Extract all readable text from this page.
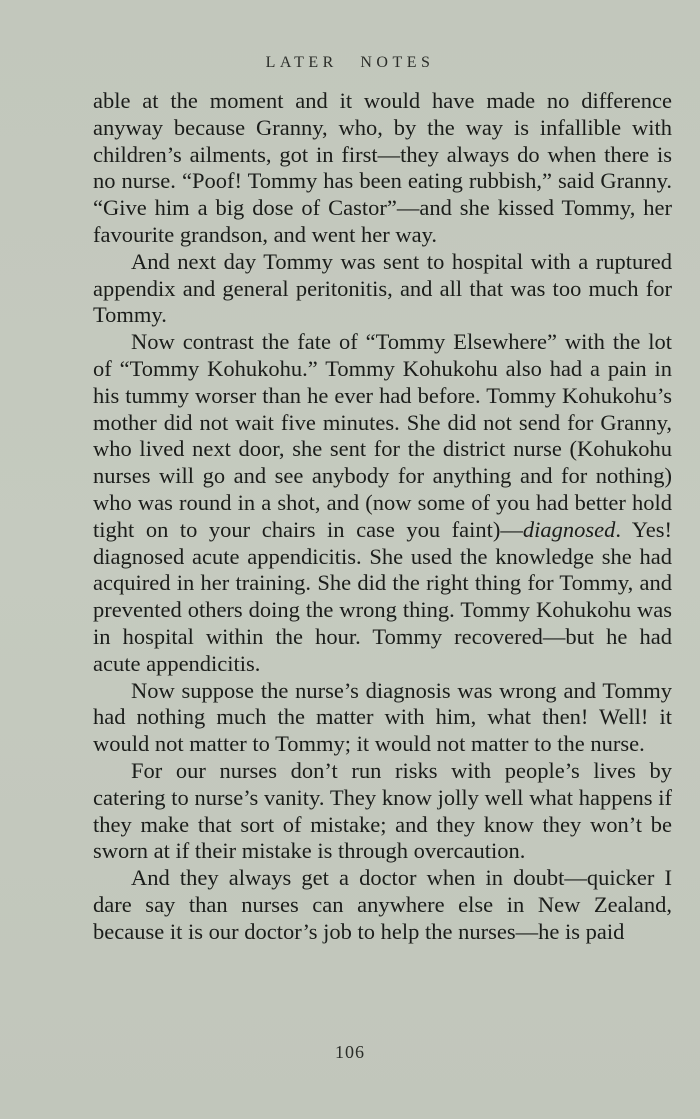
LATER NOTES

able at the moment and it would have made no difference anyway because Granny, who, by the way is infallible with children’s ailments, got in first—they always do when there is no nurse. “Poof! Tommy has been eating rubbish,” said Granny. “Give him a big dose of Castor”—and she kissed Tommy, her favourite grandson, and went her way.

And next day Tommy was sent to hospital with a ruptured appendix and general peritonitis, and all that was too much for Tommy.

Now contrast the fate of “Tommy Elsewhere” with the lot of “Tommy Kohukohu.” Tommy Kohukohu also had a pain in his tummy worser than he ever had before. Tommy Kohukohu’s mother did not wait five minutes. She did not send for Granny, who lived next door, she sent for the district nurse (Kohukohu nurses will go and see anybody for anything and for nothing) who was round in a shot, and (now some of you had better hold tight on to your chairs in case you faint)—diagnosed. Yes! diagnosed acute appendicitis. She used the knowledge she had acquired in her training. She did the right thing for Tommy, and prevented others doing the wrong thing. Tommy Kohukohu was in hospital within the hour. Tommy recovered—but he had acute appendicitis.

Now suppose the nurse’s diagnosis was wrong and Tommy had nothing much the matter with him, what then! Well! it would not matter to Tommy; it would not matter to the nurse.

For our nurses don’t run risks with people’s lives by catering to nurse’s vanity. They know jolly well what happens if they make that sort of mistake; and they know they won’t be sworn at if their mistake is through overcaution.

And they always get a doctor when in doubt—quicker I dare say than nurses can anywhere else in New Zealand, because it is our doctor’s job to help the nurses—he is paid

106
